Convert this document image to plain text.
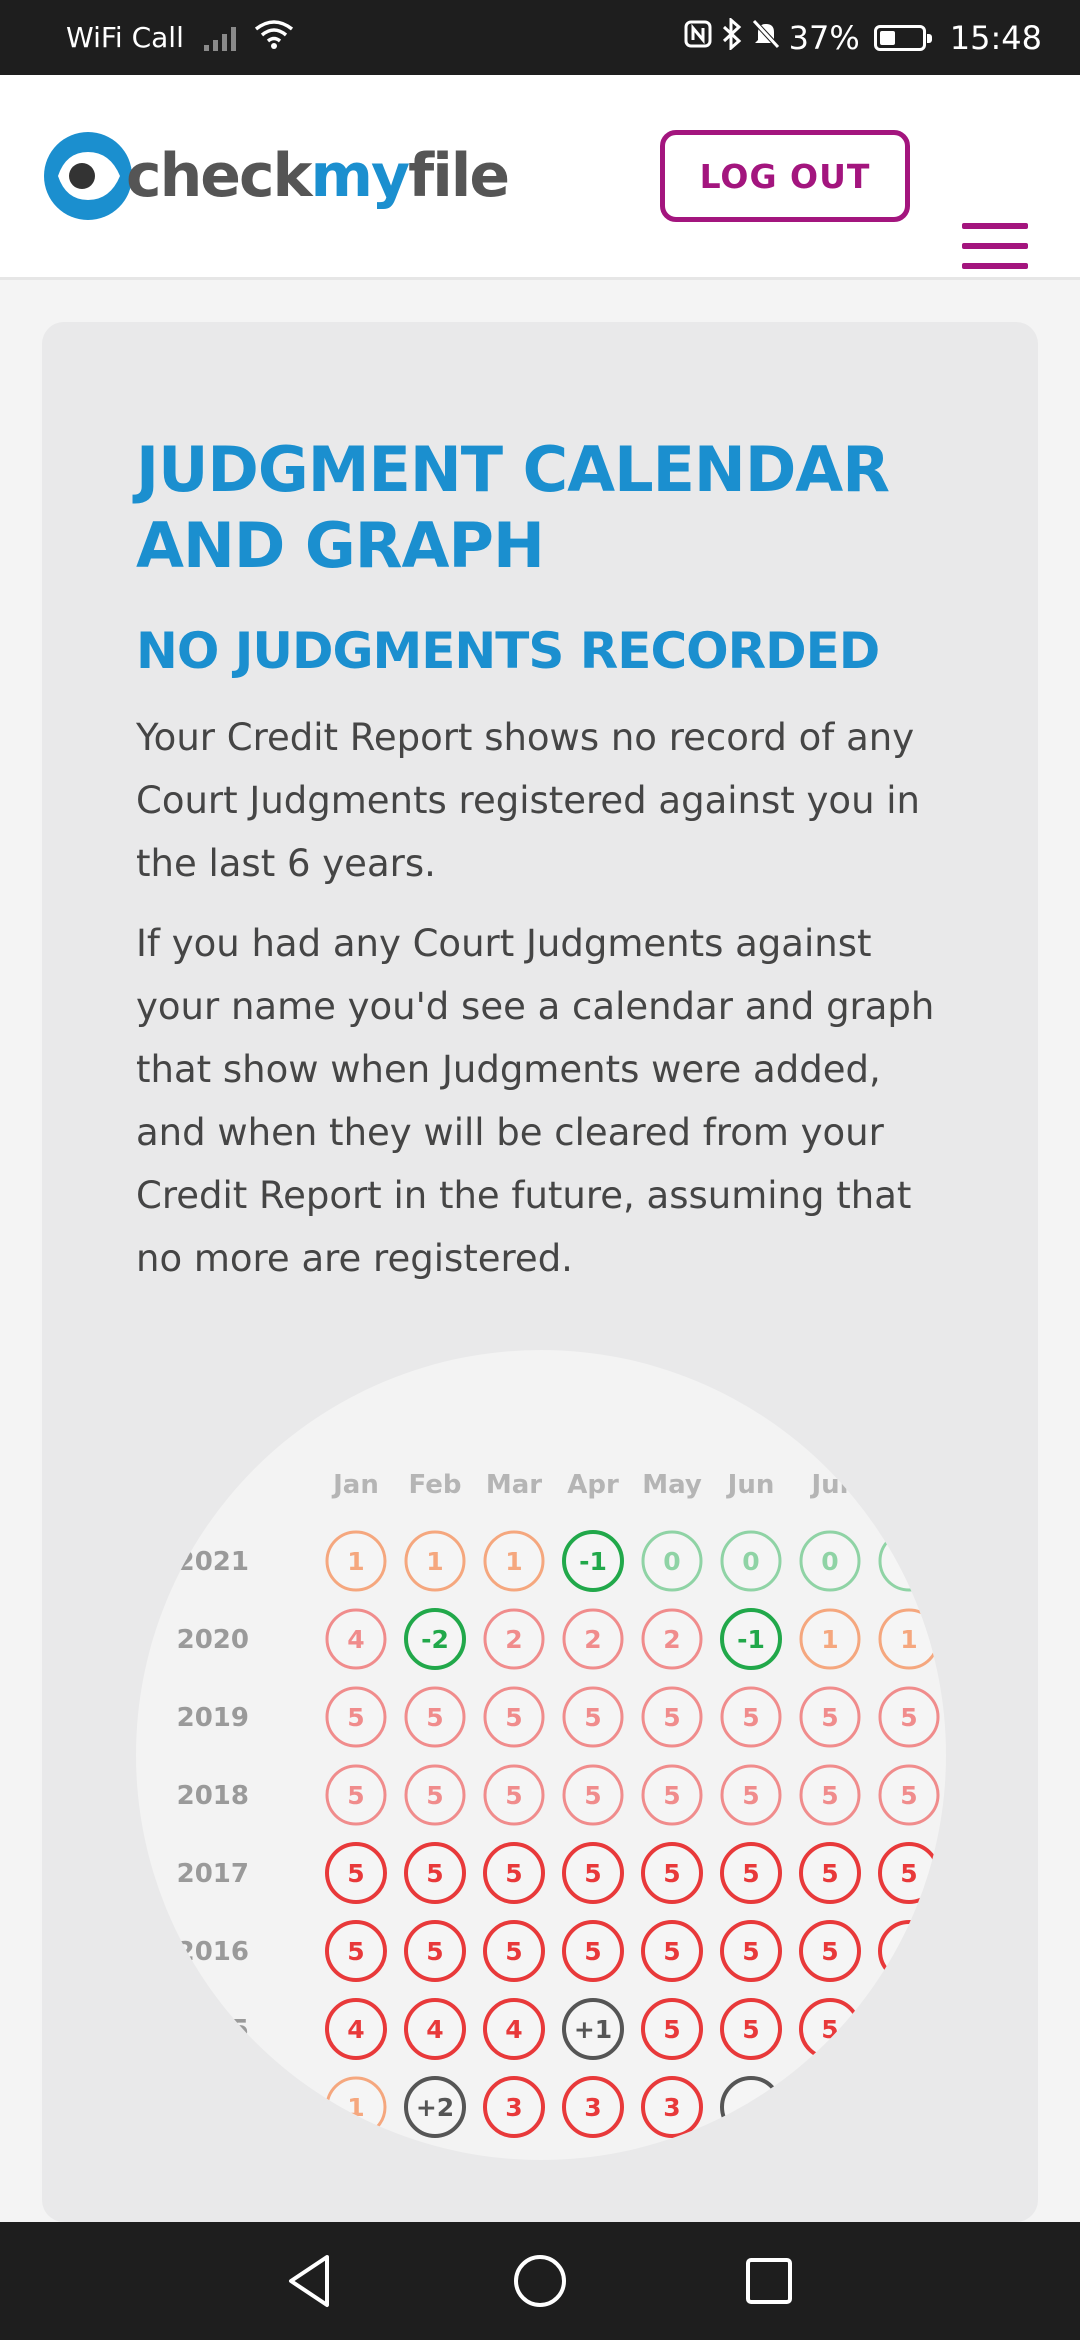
WiFi Call	37%	15:48
checkmyfile	LOG OUT
JUDGMENT CALENDAR AND GRAPH
NO JUDGMENTS RECORDED

Your Credit Report shows no record of any Court Judgments registered against you in the last 6 years.

If you had any Court Judgments against your name you'd see a calendar and graph that show when Judgments were added, and when they will be cleared from your Credit Report in the future, assuming that no more are registered.

Jan Feb Mar Apr May Jun Jul
2021	1 1 1 -1 0 0 0 0
2020	4 -2 2 2 2 -1 1 1
2019	5 5 5 5 5 5 5 5
2018	5 5 5 5 5 5 5 5
2017	5 5 5 5 5 5 5 5
2016	5 5 5 5 5 5 5 5
2015	4 4 4 +1 5 5 5
1 +2 3 3 3
